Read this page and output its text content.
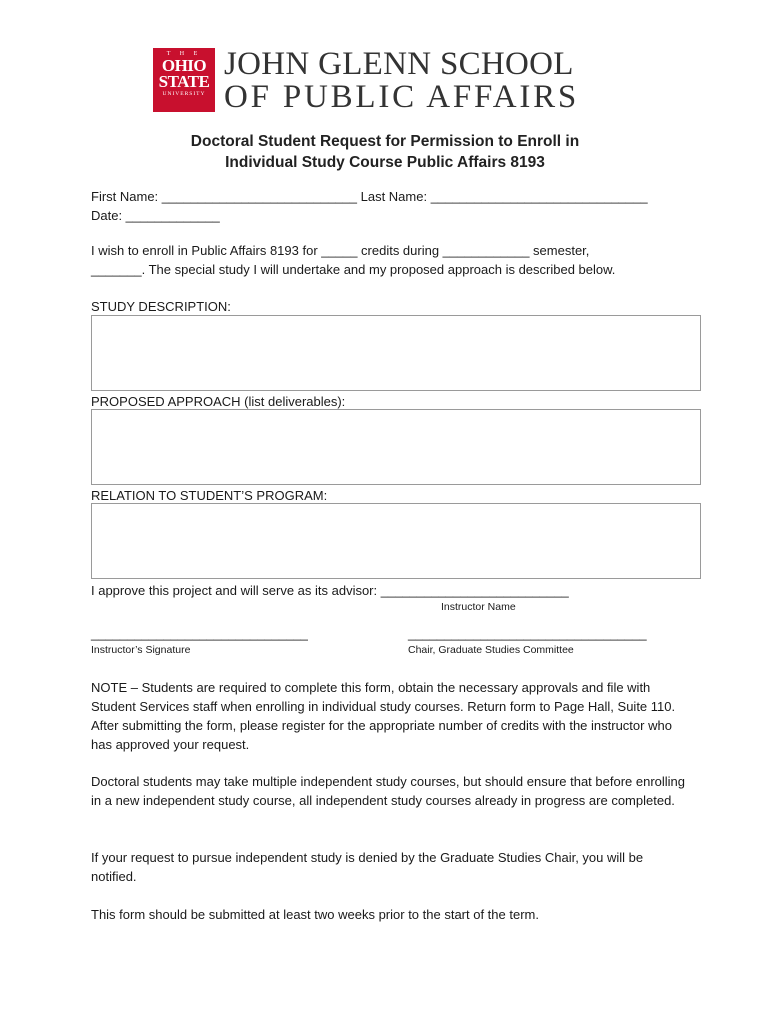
T H E
OHIO
STATE
UNIVERSITY
JOHN GLENN SCHOOL
OF PUBLIC AFFAIRS
Doctoral Student Request for Permission to Enroll in
Individual Study Course Public Affairs 8193
First Name: ___________________________ Last Name: ______________________________
Date: _____________
I wish to enroll in Public Affairs 8193 for _____ credits during ____________ semester,
_______. The special study I will undertake and my proposed approach is described below.
STUDY DESCRIPTION:
PROPOSED APPROACH (list deliverables):
RELATION TO STUDENT’S PROGRAM:
I approve this project and will serve as its advisor: __________________________
Instructor Name
______________________________	_________________________________
Instructor’s Signature	Chair, Graduate Studies Committee
NOTE – Students are required to complete this form, obtain the necessary approvals and file with Student Services staff when enrolling in individual study courses. Return form to Page Hall, Suite 110. After submitting the form, please register for the appropriate number of credits with the instructor who has approved your request.
Doctoral students may take multiple independent study courses, but should ensure that before enrolling in a new independent study course, all independent study courses already in progress are completed.
If your request to pursue independent study is denied by the Graduate Studies Chair, you will be notified.
This form should be submitted at least two weeks prior to the start of the term.
